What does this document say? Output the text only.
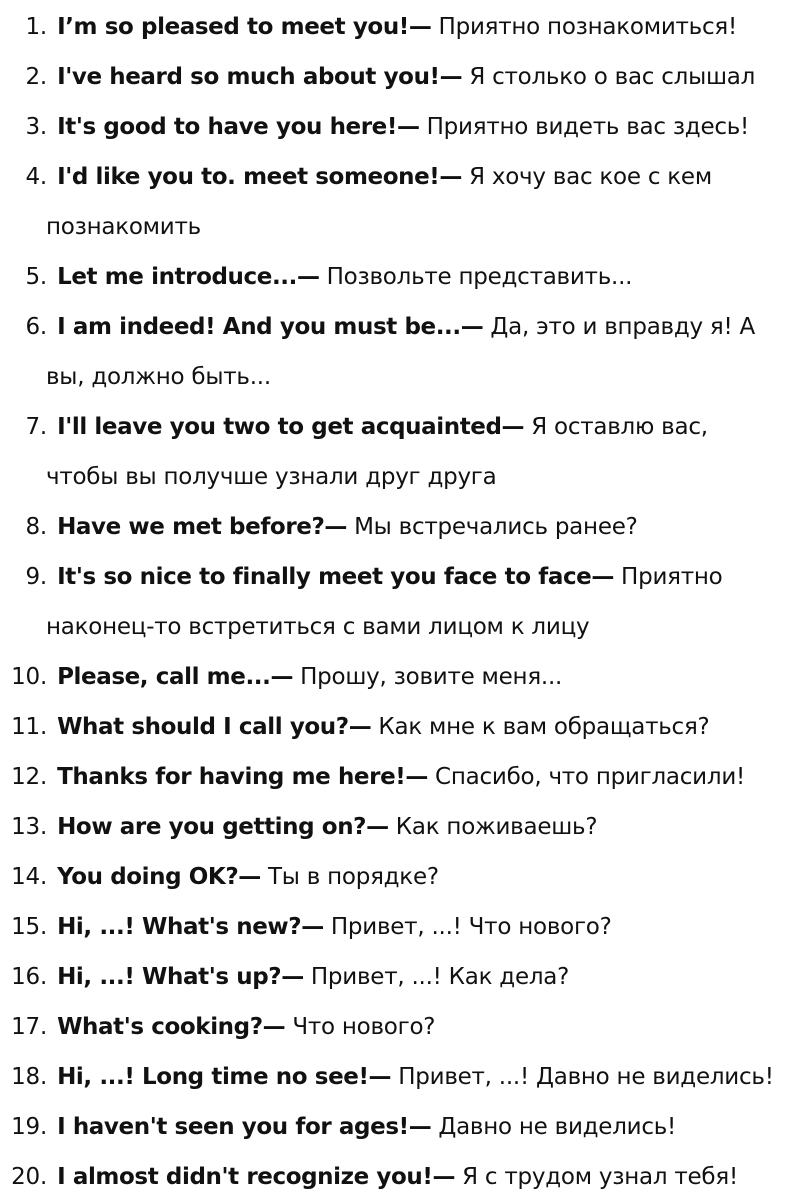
1. I’m so pleased to meet you!— Приятно познакомиться!
2. I've heard so much about you!— Я столько о вас слышал
3. It's good to have you here!— Приятно видеть вас здесь!
4. I'd like you to. meet someone!— Я хочу вас кое с кем
познакомить
5. Let me introduce...— Позвольте представить...
6. I am indeed! And you must be...— Да, это и вправду я! А
вы, должно быть...
7. I'll leave you two to get acquainted— Я оставлю вас,
чтобы вы получше узнали друг друга
8. Have we met before?— Мы встречались ранее?
9. It's so nice to finally meet you face to face— Приятно
наконец-то встретиться с вами лицом к лицу
10. Please, call me...— Прошу, зовите меня...
11. What should I call you?— Как мне к вам обращаться?
12. Thanks for having me here!— Спасибо, что пригласили!
13. How are you getting on?— Как поживаешь?
14. You doing OK?— Ты в порядке?
15. Hi, ...! What's new?— Привет, ...! Что нового?
16. Hi, ...! What's up?— Привет, ...! Как дела?
17. What's cooking?— Что нового?
18. Hi, ...! Long time no see!— Привет, ...! Давно не виделись!
19. I haven't seen you for ages!— Давно не виделись!
20. I almost didn't recognize you!— Я с трудом узнал тебя!
